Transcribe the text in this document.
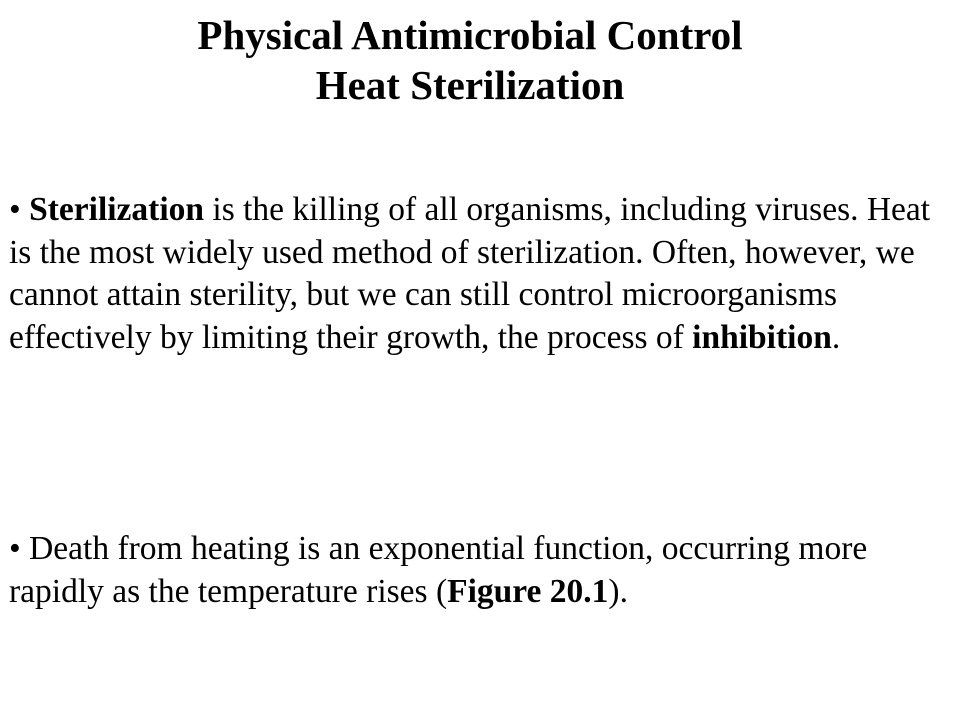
Physical Antimicrobial Control
Heat Sterilization
• Sterilization is the killing of all organisms, including viruses. Heat is the most widely used method of sterilization. Often, however, we cannot attain sterility, but we can still control microorganisms effectively by limiting their growth, the process of inhibition.
• Death from heating is an exponential function, occurring more rapidly as the temperature rises (Figure 20.1).
